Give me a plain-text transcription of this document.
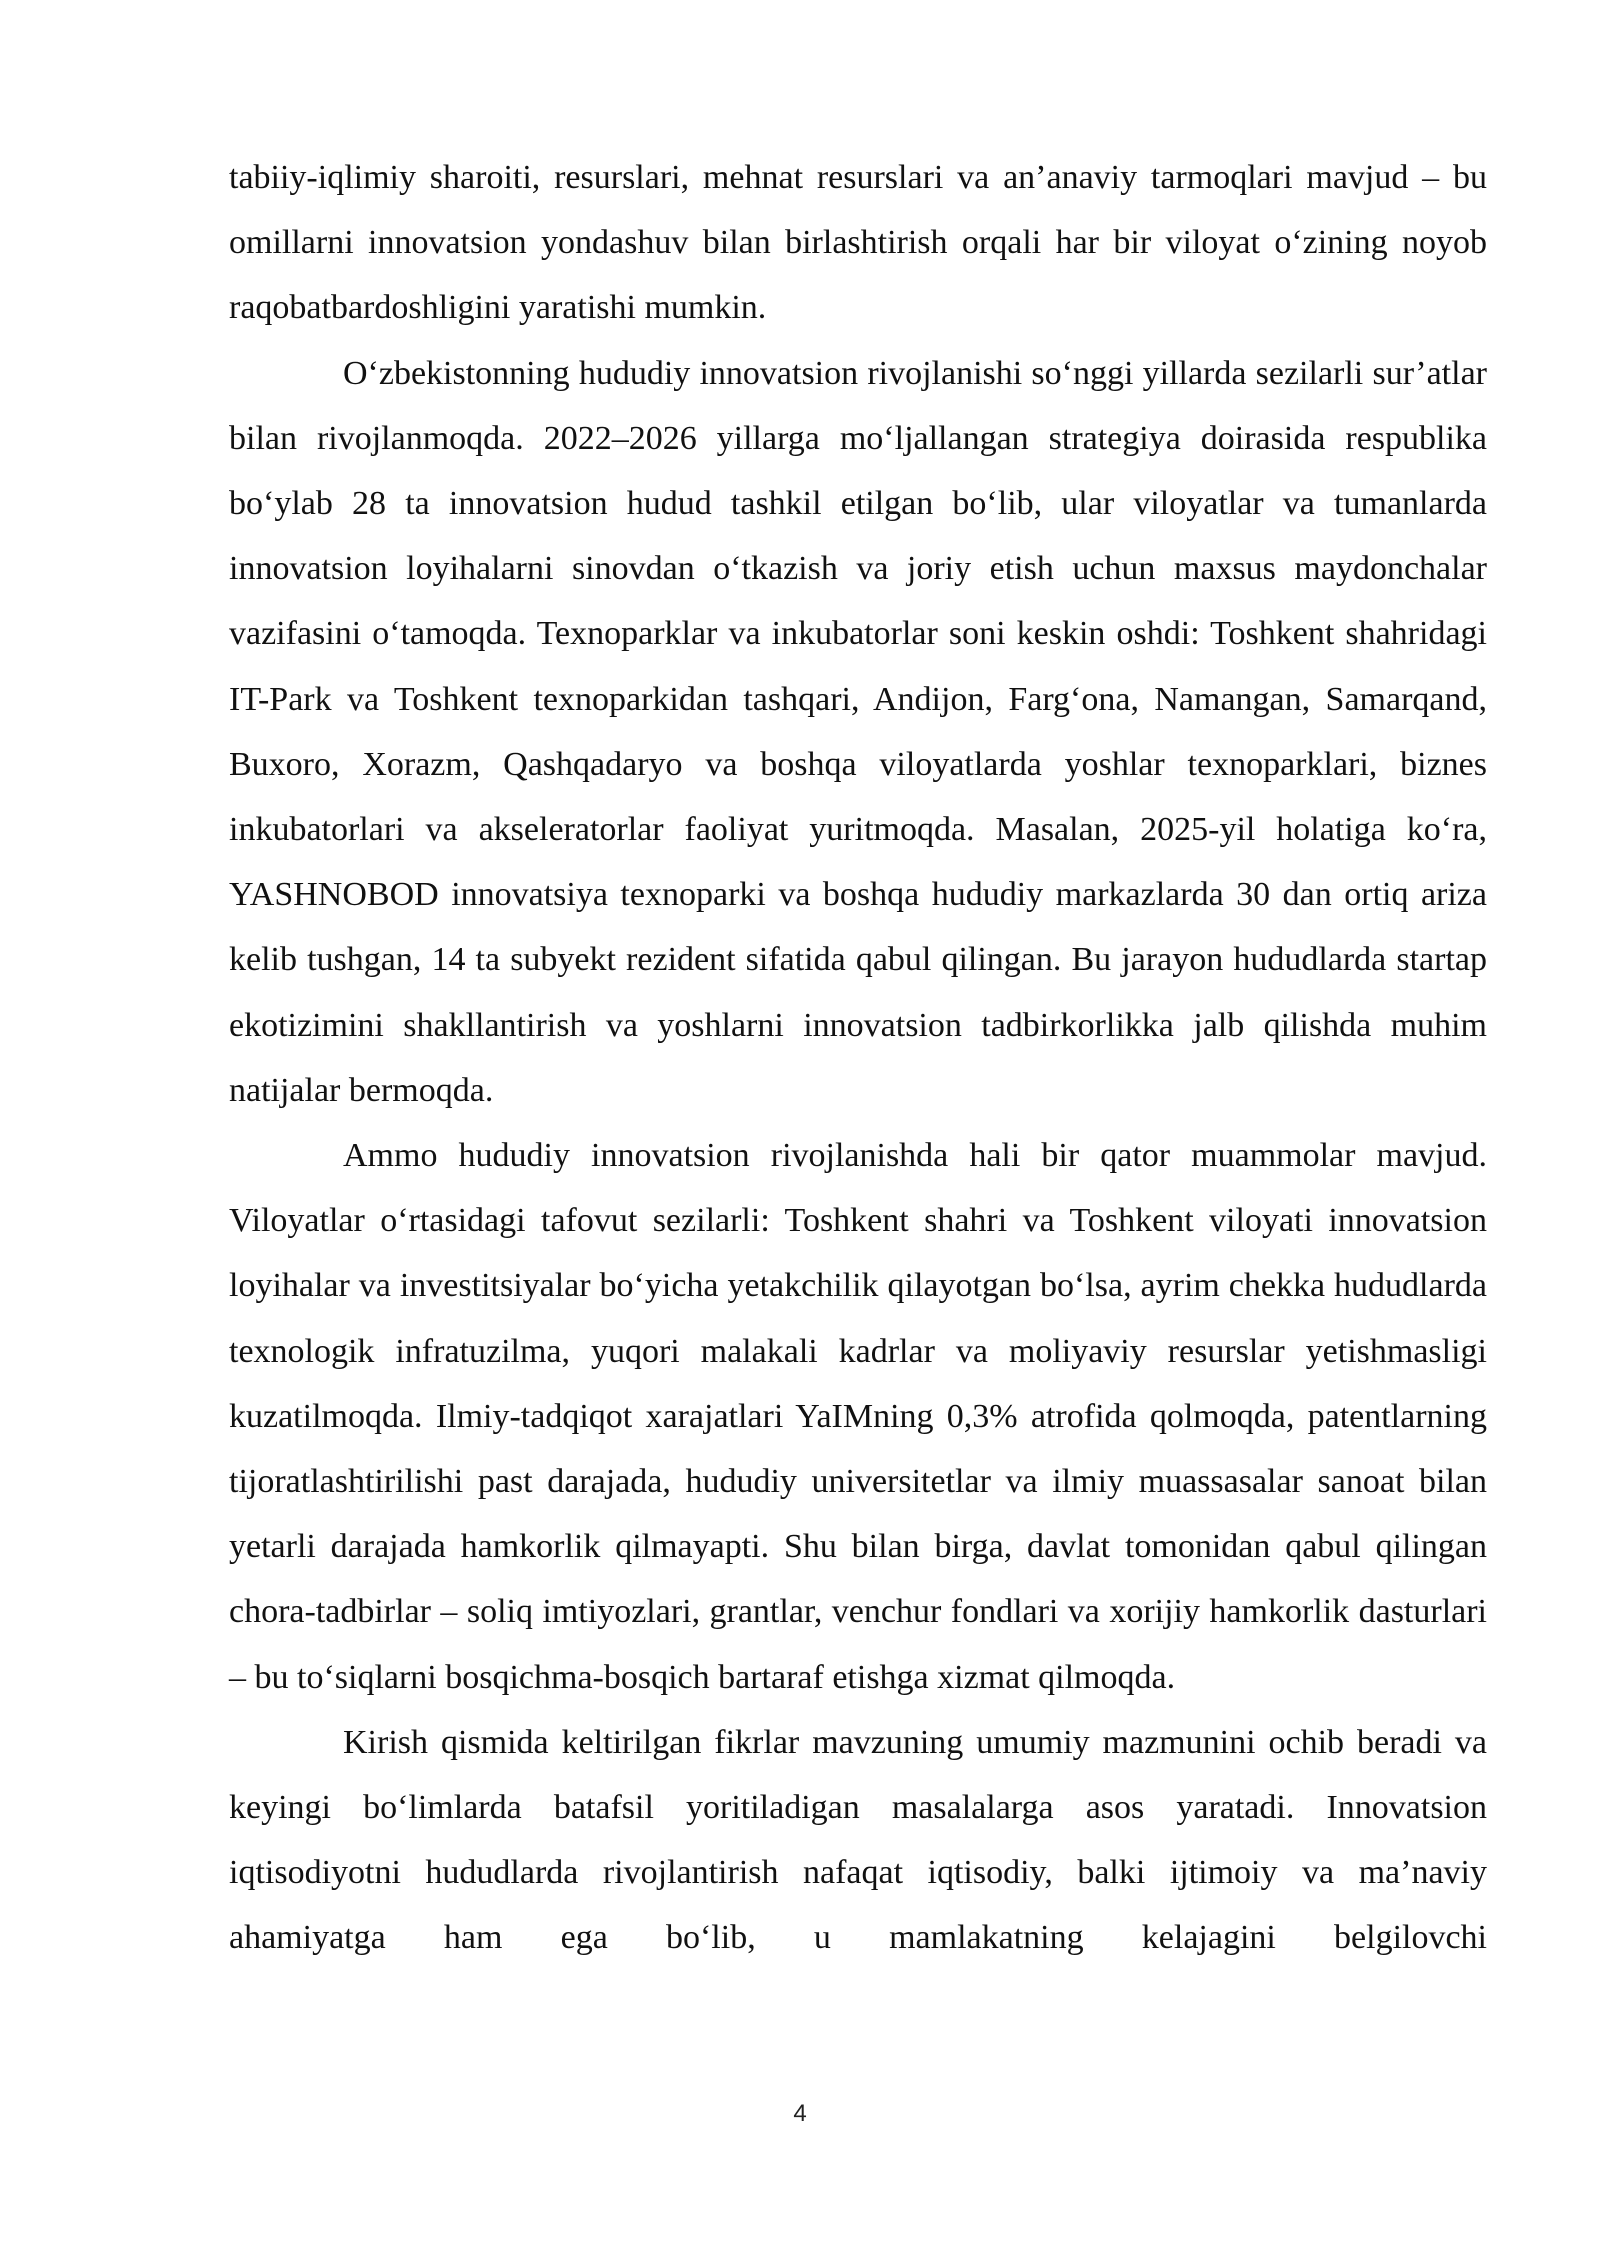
tabiiy-iqlimiy sharoiti, resurslari, mehnat resurslari va an’anaviy tarmoqlari mavjud – bu omillarni innovatsion yondashuv bilan birlashtirish orqali har bir viloyat o‘zining noyob raqobatbardoshligini yaratishi mumkin.

O‘zbekistonning hududiy innovatsion rivojlanishi so‘nggi yillarda sezilarli sur’atlar bilan rivojlanmoqda. 2022–2026 yillarga mo‘ljallangan strategiya doirasida respublika bo‘ylab 28 ta innovatsion hudud tashkil etilgan bo‘lib, ular viloyatlar va tumanlarda innovatsion loyihalarni sinovdan o‘tkazish va joriy etish uchun maxsus maydonchalar vazifasini o‘tamoqda. Texnoparklar va inkubatorlar soni keskin oshdi: Toshkent shahridagi IT-Park va Toshkent texnoparkidan tashqari, Andijon, Farg‘ona, Namangan, Samarqand, Buxoro, Xorazm, Qashqadaryo va boshqa viloyatlarda yoshlar texnoparklari, biznes inkubatorlari va akseleratorlar faoliyat yuritmoqda. Masalan, 2025-yil holatiga ko‘ra, YASHNOBOD innovatsiya texnoparki va boshqa hududiy markazlarda 30 dan ortiq ariza kelib tushgan, 14 ta subyekt rezident sifatida qabul qilingan. Bu jarayon hududlarda startap ekotizimini shakllantirish va yoshlarni innovatsion tadbirkorlikka jalb qilishda muhim natijalar bermoqda.

Ammo hududiy innovatsion rivojlanishda hali bir qator muammolar mavjud. Viloyatlar o‘rtasidagi tafovut sezilarli: Toshkent shahri va Toshkent viloyati innovatsion loyihalar va investitsiyalar bo‘yicha yetakchilik qilayotgan bo‘lsa, ayrim chekka hududlarda texnologik infratuzilma, yuqori malakali kadrlar va moliyaviy resurslar yetishmasligi kuzatilmoqda. Ilmiy-tadqiqot xarajatlari YaIMning 0,3% atrofida qolmoqda, patentlarning tijoratlashtirilishi past darajada, hududiy universitetlar va ilmiy muassasalar sanoat bilan yetarli darajada hamkorlik qilmayapti. Shu bilan birga, davlat tomonidan qabul qilingan chora-tadbirlar – soliq imtiyozlari, grantlar, venchur fondlari va xorijiy hamkorlik dasturlari – bu to‘siqlarni bosqichma-bosqich bartaraf etishga xizmat qilmoqda.

Kirish qismida keltirilgan fikrlar mavzuning umumiy mazmunini ochib beradi va keyingi bo‘limlarda batafsil yoritiladigan masalalarga asos yaratadi. Innovatsion iqtisodiyotni hududlarda rivojlantirish nafaqat iqtisodiy, balki ijtimoiy va ma’naviy ahamiyatga ham ega bo‘lib, u mamlakatning kelajagini belgilovchi

4
